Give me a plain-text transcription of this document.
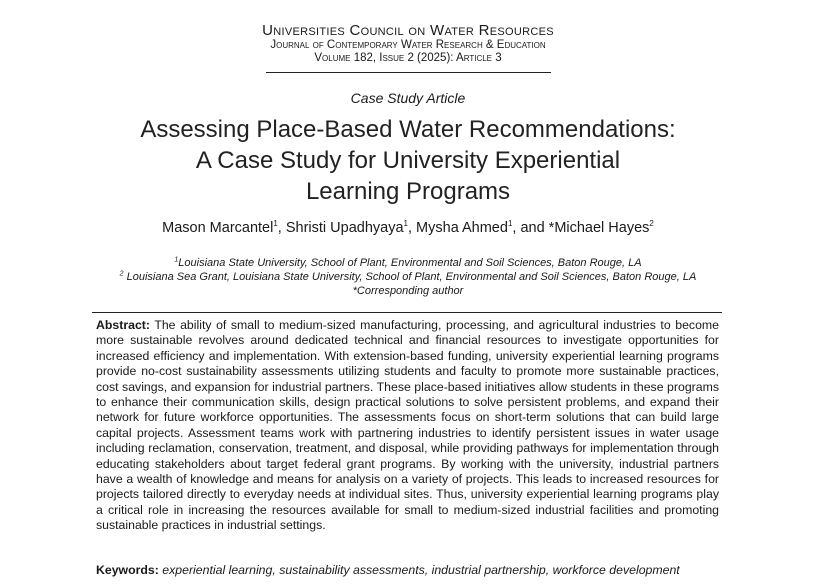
Universities Council on Water Resources
Journal of Contemporary Water Research & Education
Volume 182, Issue 2 (2025): Article 3
Case Study Article
Assessing Place-Based Water Recommendations:
A Case Study for University Experiential
Learning Programs
Mason Marcantel$^1$, Shristi Upadhyaya$^1$, Mysha Ahmed$^1$, and *Michael Hayes$^2$
$^1$Louisiana State University, School of Plant, Environmental and Soil Sciences, Baton Rouge, LA
$^2$ Louisiana Sea Grant, Louisiana State University, School of Plant, Environmental and Soil Sciences, Baton Rouge, LA
*Corresponding author
Abstract: The ability of small to medium-sized manufacturing, processing, and agricultural industries to become more sustainable revolves around dedicated technical and financial resources to investigate opportunities for increased efficiency and implementation. With extension-based funding, university experiential learning programs provide no-cost sustainability assessments utilizing students and faculty to promote more sustainable practices, cost savings, and expansion for industrial partners. These place-based initiatives allow students in these programs to enhance their communication skills, design practical solutions to solve persistent problems, and expand their network for future workforce opportunities. The assessments focus on short-term solutions that can build large capital projects. Assessment teams work with partnering industries to identify persistent issues in water usage including reclamation, conservation, treatment, and disposal, while providing pathways for implementation through educating stakeholders about target federal grant programs. By working with the university, industrial partners have a wealth of knowledge and means for analysis on a variety of projects. This leads to increased resources for projects tailored directly to everyday needs at individual sites. Thus, university experiential learning programs play a critical role in increasing the resources available for small to medium-sized industrial facilities and promoting sustainable practices in industrial settings.
Keywords: experiential learning, sustainability assessments, industrial partnership, workforce development
